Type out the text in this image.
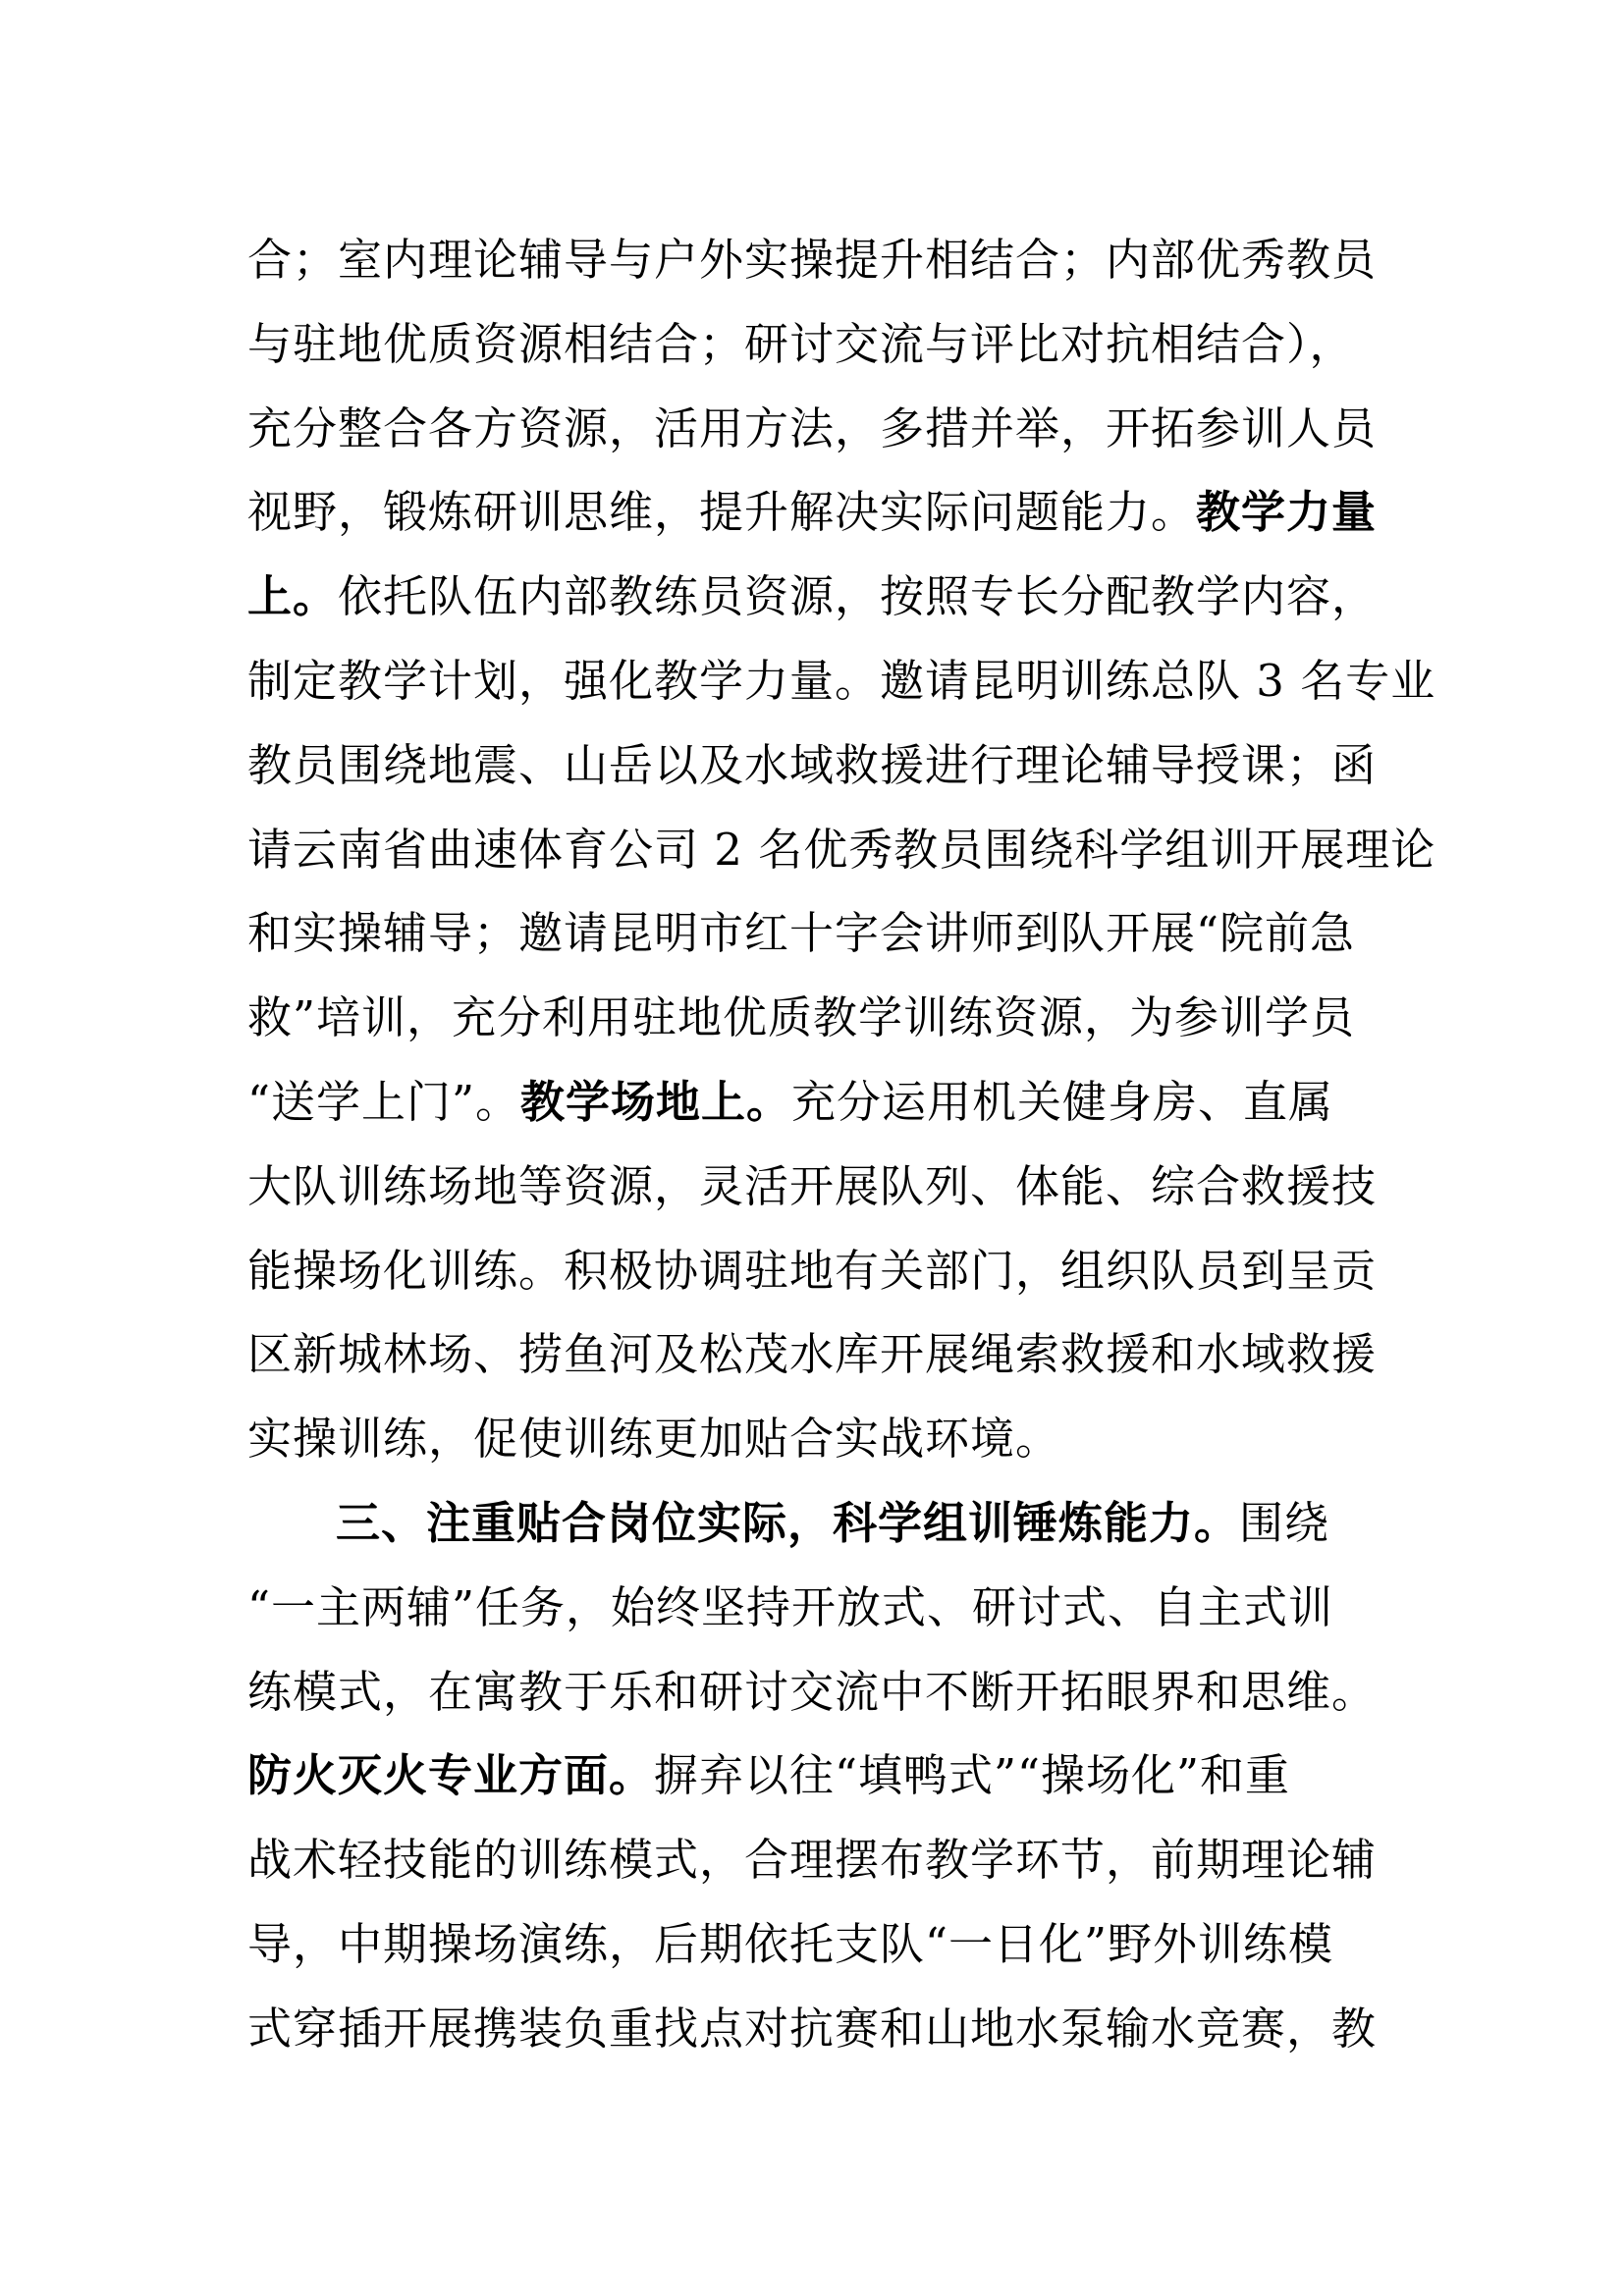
合；室内理论辅导与户外实操提升相结合；内部优秀教员
与驻地优质资源相结合；研讨交流与评比对抗相结合），
充分整合各方资源，活用方法，多措并举，开拓参训人员
视野，锻炼研训思维，提升解决实际问题能力。教学力量
上。依托队伍内部教练员资源，按照专长分配教学内容，
制定教学计划，强化教学力量。邀请昆明训练总队 3 名专业
教员围绕地震、山岳以及水域救援进行理论辅导授课；函
请云南省曲速体育公司 2 名优秀教员围绕科学组训开展理论
和实操辅导；邀请昆明市红十字会讲师到队开展“院前急
救”培训，充分利用驻地优质教学训练资源，为参训学员
“送学上门”。教学场地上。充分运用机关健身房、直属
大队训练场地等资源，灵活开展队列、体能、综合救援技
能操场化训练。积极协调驻地有关部门，组织队员到呈贡
区新城林场、捞鱼河及松茂水库开展绳索救援和水域救援
实操训练，促使训练更加贴合实战环境。
三、注重贴合岗位实际，科学组训锤炼能力。围绕
“一主两辅”任务，始终坚持开放式、研讨式、自主式训
练模式，在寓教于乐和研讨交流中不断开拓眼界和思维。
防火灭火专业方面。摒弃以往“填鸭式”“操场化”和重
战术轻技能的训练模式，合理摆布教学环节，前期理论辅
导，中期操场演练，后期依托支队“一日化”野外训练模
式穿插开展携装负重找点对抗赛和山地水泵输水竞赛，教
